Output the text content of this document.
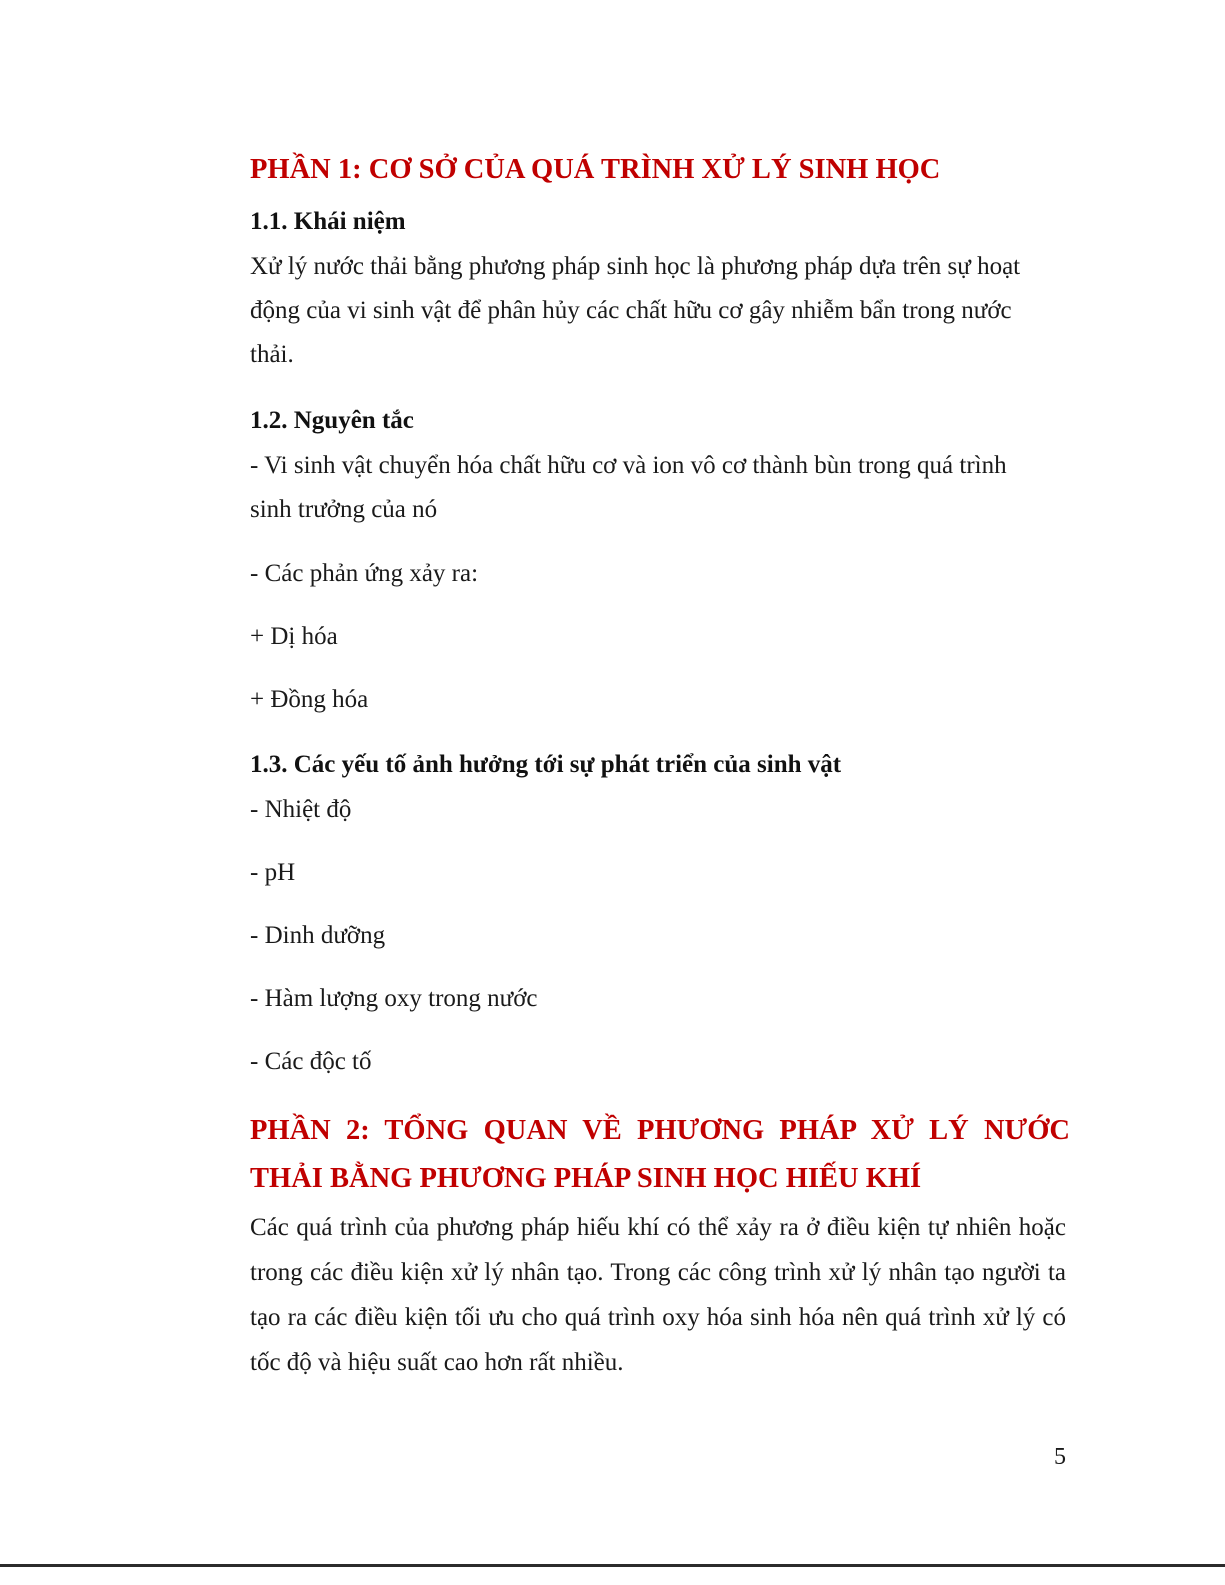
PHẦN 1: CƠ SỞ CỦA QUÁ TRÌNH XỬ LÝ SINH HỌC
1.1. Khái niệm

Xử lý nước thải bằng phương pháp sinh học là phương pháp dựa trên sự hoạt động của vi sinh vật để phân hủy các chất hữu cơ gây nhiễm bẩn trong nước thải.

1.2. Nguyên tắc

- Vi sinh vật chuyển hóa chất hữu cơ và ion vô cơ thành bùn trong quá trình sinh trưởng của nó

- Các phản ứng xảy ra:

+ Dị hóa

+ Đồng hóa

1.3. Các yếu tố ảnh hưởng tới sự phát triển của sinh vật

- Nhiệt độ

- pH

- Dinh dưỡng

- Hàm lượng oxy trong nước

- Các độc tố

PHẦN 2: TỔNG QUAN VỀ PHƯƠNG PHÁP XỬ LÝ NƯỚC THẢI BẰNG PHƯƠNG PHÁP SINH HỌC HIẾU KHÍ

Các quá trình của phương pháp hiếu khí có thể xảy ra ở điều kiện tự nhiên hoặc trong các điều kiện xử lý nhân tạo. Trong các công trình xử lý nhân tạo người ta tạo ra các điều kiện tối ưu cho quá trình oxy hóa sinh hóa nên quá trình xử lý có tốc độ và hiệu suất cao hơn rất nhiều.

5
